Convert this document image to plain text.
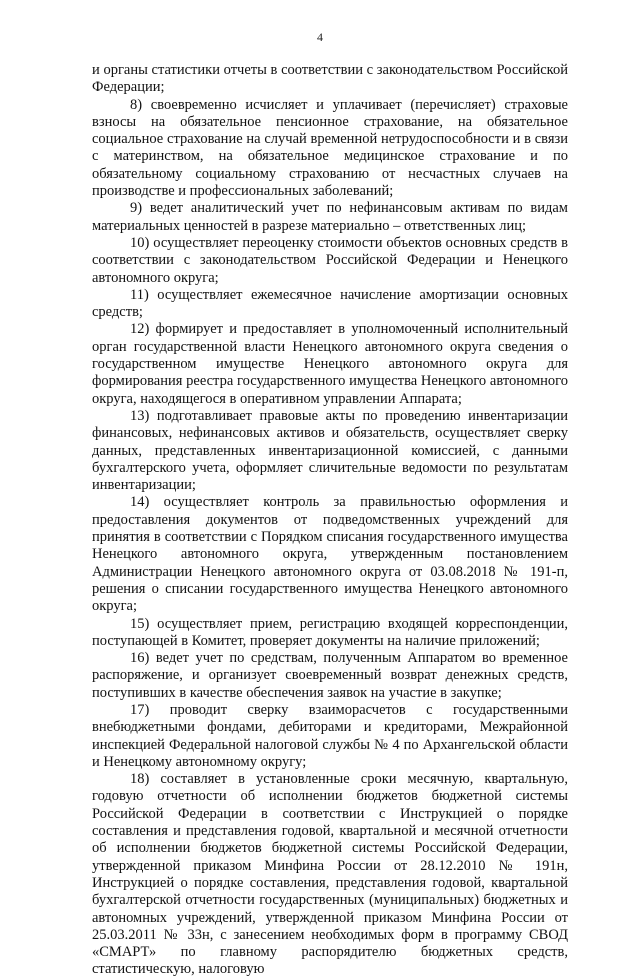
4

и органы статистики отчеты в соответствии с законодательством Российской Федерации;

8) своевременно исчисляет и уплачивает (перечисляет) страховые взносы на обязательное пенсионное страхование, на обязательное социальное страхование на случай временной нетрудоспособности и в связи с материнством, на обязательное медицинское страхование и по обязательному социальному страхованию от несчастных случаев на производстве и профессиональных заболеваний;

9) ведет аналитический учет по нефинансовым активам по видам материальных ценностей в разрезе материально – ответственных лиц;

10) осуществляет переоценку стоимости объектов основных средств в соответствии с законодательством Российской Федерации и Ненецкого автономного округа;

11) осуществляет ежемесячное начисление амортизации основных средств;

12) формирует и предоставляет в уполномоченный исполнительный орган государственной власти Ненецкого автономного округа сведения о государственном имуществе Ненецкого автономного округа для формирования реестра государственного имущества Ненецкого автономного округа, находящегося в оперативном управлении Аппарата;

13) подготавливает правовые акты по проведению инвентаризации финансовых, нефинансовых активов и обязательств, осуществляет сверку данных, представленных инвентаризационной комиссией, с данными бухгалтерского учета, оформляет сличительные ведомости по результатам инвентаризации;

14) осуществляет контроль за правильностью оформления и предоставления документов от подведомственных учреждений для принятия в соответствии с Порядком списания государственного имущества Ненецкого автономного округа, утвержденным постановлением Администрации Ненецкого автономного округа от 03.08.2018 № 191-п, решения о списании государственного имущества Ненецкого автономного округа;

15) осуществляет прием, регистрацию входящей корреспонденции, поступающей в Комитет, проверяет документы на наличие приложений;

16) ведет учет по средствам, полученным Аппаратом во временное распоряжение, и организует своевременный возврат денежных средств, поступивших в качестве обеспечения заявок на участие в закупке;

17) проводит сверку взаиморасчетов с государственными внебюджетными фондами, дебиторами и кредиторами, Межрайонной инспекцией Федеральной налоговой службы № 4 по Архангельской области и Ненецкому автономному округу;

18) составляет в установленные сроки месячную, квартальную, годовую отчетности об исполнении бюджетов бюджетной системы Российской Федерации в соответствии с Инструкцией о порядке составления и представления годовой, квартальной и месячной отчетности об исполнении бюджетов бюджетной системы Российской Федерации, утвержденной приказом Минфина России от 28.12.2010 № 191н, Инструкцией о порядке составления, представления годовой, квартальной бухгалтерской отчетности государственных (муниципальных) бюджетных и автономных учреждений, утвержденной приказом Минфина России от 25.03.2011 № 33н, с занесением необходимых форм в программу СВОД «СМАРТ» по главному распорядителю бюджетных средств, статистическую, налоговую
